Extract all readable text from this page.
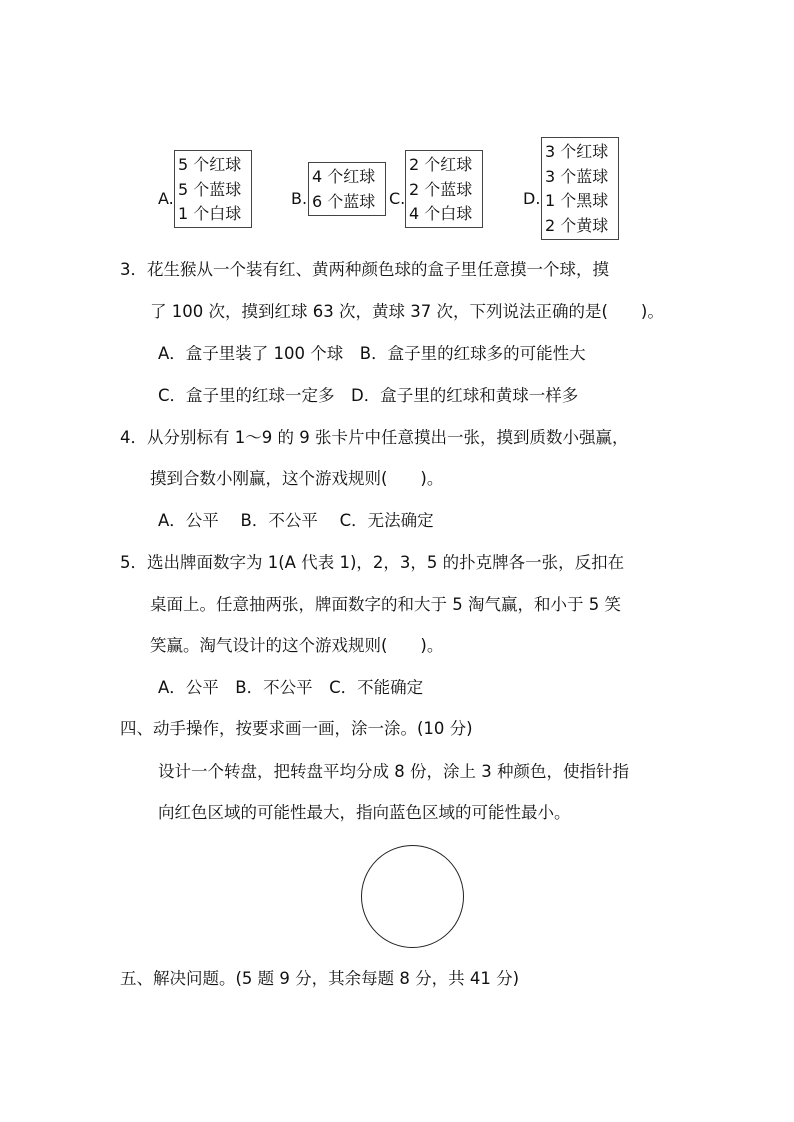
A.
5 个红球
5 个蓝球
1 个白球
B.
4 个红球
6 个蓝球 C.
2 个红球
2 个蓝球
4 个白球
D.
3 个红球
3 个蓝球
1 个黑球
2 个黄球
3．花生猴从一个装有红、黄两种颜色球的盒子里任意摸一个球，摸
了 100 次，摸到红球 63 次，黄球 37 次，下列说法正确的是(　　)。
A．盒子里装了 100 个球　B．盒子里的红球多的可能性大
C．盒子里的红球一定多　D．盒子里的红球和黄球一样多
4．从分别标有 1～9 的 9 张卡片中任意摸出一张，摸到质数小强赢，
摸到合数小刚赢，这个游戏规则(　　)。
A．公平　 B．不公平　 C．无法确定
5．选出牌面数字为 1(A 代表 1)，2，3，5 的扑克牌各一张，反扣在
桌面上。任意抽两张，牌面数字的和大于 5 淘气赢，和小于 5 笑
笑赢。淘气设计的这个游戏规则(　　)。
A．公平　B．不公平　C．不能确定
四、动手操作，按要求画一画，涂一涂。(10 分)
设计一个转盘，把转盘平均分成 8 份，涂上 3 种颜色，使指针指
向红色区域的可能性最大，指向蓝色区域的可能性最小。
五、解决问题。(5 题 9 分，其余每题 8 分，共 41 分)
